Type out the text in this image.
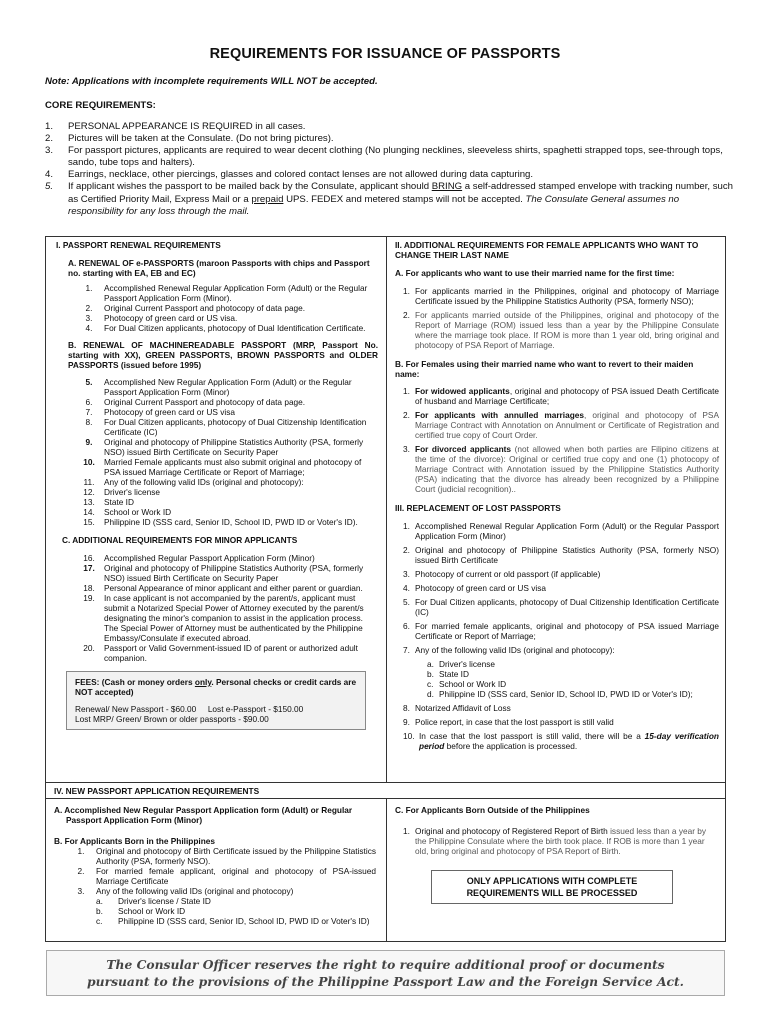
REQUIREMENTS FOR ISSUANCE OF PASSPORTS
Note: Applications with incomplete requirements WILL NOT be accepted.
CORE REQUIREMENTS:
1.	PERSONAL APPEARANCE IS REQUIRED in all cases.
2.	Pictures will be taken at the Consulate. (Do not bring pictures).
3.	For passport pictures, applicants are required to wear decent clothing (No plunging necklines, sleeveless shirts, spaghetti strapped tops, see-through tops, sando, tube tops and halters).
4.	Earrings, necklace, other piercings, glasses and colored contact lenses are not allowed during data capturing.
5.	If applicant wishes the passport to be mailed back by the Consulate, applicant should BRING a self-addressed stamped envelope with tracking number, such as Certified Priority Mail, Express Mail or a prepaid UPS. FEDEX and metered stamps will not be accepted. The Consulate General assumes no responsibility for any loss through the mail.
I. PASSPORT RENEWAL REQUIREMENTS
A. RENEWAL OF e-PASSPORTS (maroon Passports with chips and Passport no. starting with EA, EB and EC)
1.	Accomplished Renewal Regular Application Form (Adult) or the Regular Passport Application Form (Minor).
2.	Original Current Passport and photocopy of data page.
3.	Photocopy of green card or US visa.
4.	For Dual Citizen applicants, photocopy of Dual Identification Certificate.
B. RENEWAL OF MACHINEREADABLE PASSPORT (MRP, Passport No. starting with XX), GREEN PASSPORTS, BROWN PASSPORTS and OLDER PASSPORTS (issued before 1995)
5.	Accomplished New Regular Application Form (Adult) or the Regular Passport Application Form (Minor)
6.	Original Current Passport and photocopy of data page.
7.	Photocopy of green card or US visa
8.	For Dual Citizen applicants, photocopy of Dual Citizenship Identification Certificate (IC)
9.	Original and photocopy of Philippine Statistics Authority (PSA, formerly NSO) issued Birth Certificate on Security Paper
10.	Married Female applicants must also submit original and photocopy of PSA issued Marriage Certificate or Report of Marriage;
11.	Any of the following valid IDs (original and photocopy):
12.	Driver's license
13.	State ID
14.	School or Work ID
15.	Philippine ID (SSS card, Senior ID, School ID, PWD ID or Voter's ID).
C. ADDITIONAL REQUIREMENTS FOR MINOR APPLICANTS
16.	Accomplished Regular Passport Application Form (Minor)
17.	Original and photocopy of Philippine Statistics Authority (PSA, formerly NSO) issued Birth Certificate on Security Paper
18.	Personal Appearance of minor applicant and either parent or guardian.
19.	In case applicant is not accompanied by the parent/s, applicant must submit a Notarized Special Power of Attorney executed by the parent/s designating the minor's companion to assist in the application process. The Special Power of Attorney must be authenticated by the Philippine Embassy/Consulate if executed abroad.
20.	Passport or Valid Government-issued ID of parent or authorized adult companion.
FEES: (Cash or money orders only. Personal checks or credit cards are NOT accepted)
Renewal/ New Passport - $60.00     Lost e-Passport - $150.00
Lost MRP/ Green/ Brown or older passports - $90.00
II. ADDITIONAL REQUIREMENTS FOR FEMALE APPLICANTS WHO WANT TO CHANGE THEIR LAST NAME
A. For applicants who want to use their married name for the first time:
1. For applicants married in the Philippines, original and photocopy of Marriage Certificate issued by the Philippine Statistics Authority (PSA, formerly NSO);
2. For applicants married outside of the Philippines, original and photocopy of the Report of Marriage (ROM) issued less than a year by the Philippine Consulate where the marriage took place. If ROM is more than 1 year old, bring original and photocopy of PSA Report of Marriage.
B. For Females using their married name who want to revert to their maiden name:
1. For widowed applicants, original and photocopy of PSA issued Death Certificate of husband and Marriage Certificate;
2. For applicants with annulled marriages, original and photocopy of PSA Marriage Contract with Annotation on Annulment or Certificate of Registration and certified true copy of Court Order.
3. For divorced applicants (not allowed when both parties are Filipino citizens at the time of the divorce): Original or certified true copy and one (1) photocopy of Marriage Contract with Annotation issued by the Philippine Statistics Authority (PSA) indicating that the divorce has already been recognized by a Philippine Court (judicial recognition)..
III. REPLACEMENT OF LOST PASSPORTS
1. Accomplished Renewal Regular Application Form (Adult) or the Regular Passport Application Form (Minor)
2. Original and photocopy of Philippine Statistics Authority (PSA, formerly NSO) issued Birth Certificate
3. Photocopy of current or old passport (if applicable)
4. Photocopy of green card or US visa
5. For Dual Citizen applicants, photocopy of Dual Citizenship Identification Certificate (IC)
6. For married female applicants, original and photocopy of PSA issued Marriage Certificate or Report of Marriage;
7. Any of the following valid IDs (original and photocopy):
a. Driver's license
b. State ID
c. School or Work ID
d. Philippine ID (SSS card, Senior ID, School ID, PWD ID or Voter's ID);
8. Notarized Affidavit of Loss
9. Police report, in case that the lost passport is still valid
10. In case that the lost passport is still valid, there will be a 15-day verification period before the application is processed.
IV. NEW PASSPORT APPLICATION REQUIREMENTS
A. Accomplished New Regular Passport Application form (Adult) or Regular Passport Application Form (Minor)
B. For Applicants Born in the Philippines
1.	Original and photocopy of Birth Certificate issued by the Philippine Statistics Authority (PSA, formerly NSO).
2.	For married female applicant, original and photocopy of PSA-issued Marriage Certificate
3.	Any of the following valid IDs (original and photocopy)
a.	Driver's license / State ID
b.	School or Work ID
c.	Philippine ID (SSS card, Senior ID, School ID, PWD ID or Voter's ID)
C. For Applicants Born Outside of the Philippines
1. Original and photocopy of Registered Report of Birth issued less than a year by the Philippine Consulate where the birth took place. If ROB is more than 1 year old, bring original and photocopy of PSA Report of Birth.
ONLY APPLICATIONS WITH COMPLETE REQUIREMENTS WILL BE PROCESSED
The Consular Officer reserves the right to require additional proof or documents
pursuant to the provisions of the Philippine Passport Law and the Foreign Service Act.
